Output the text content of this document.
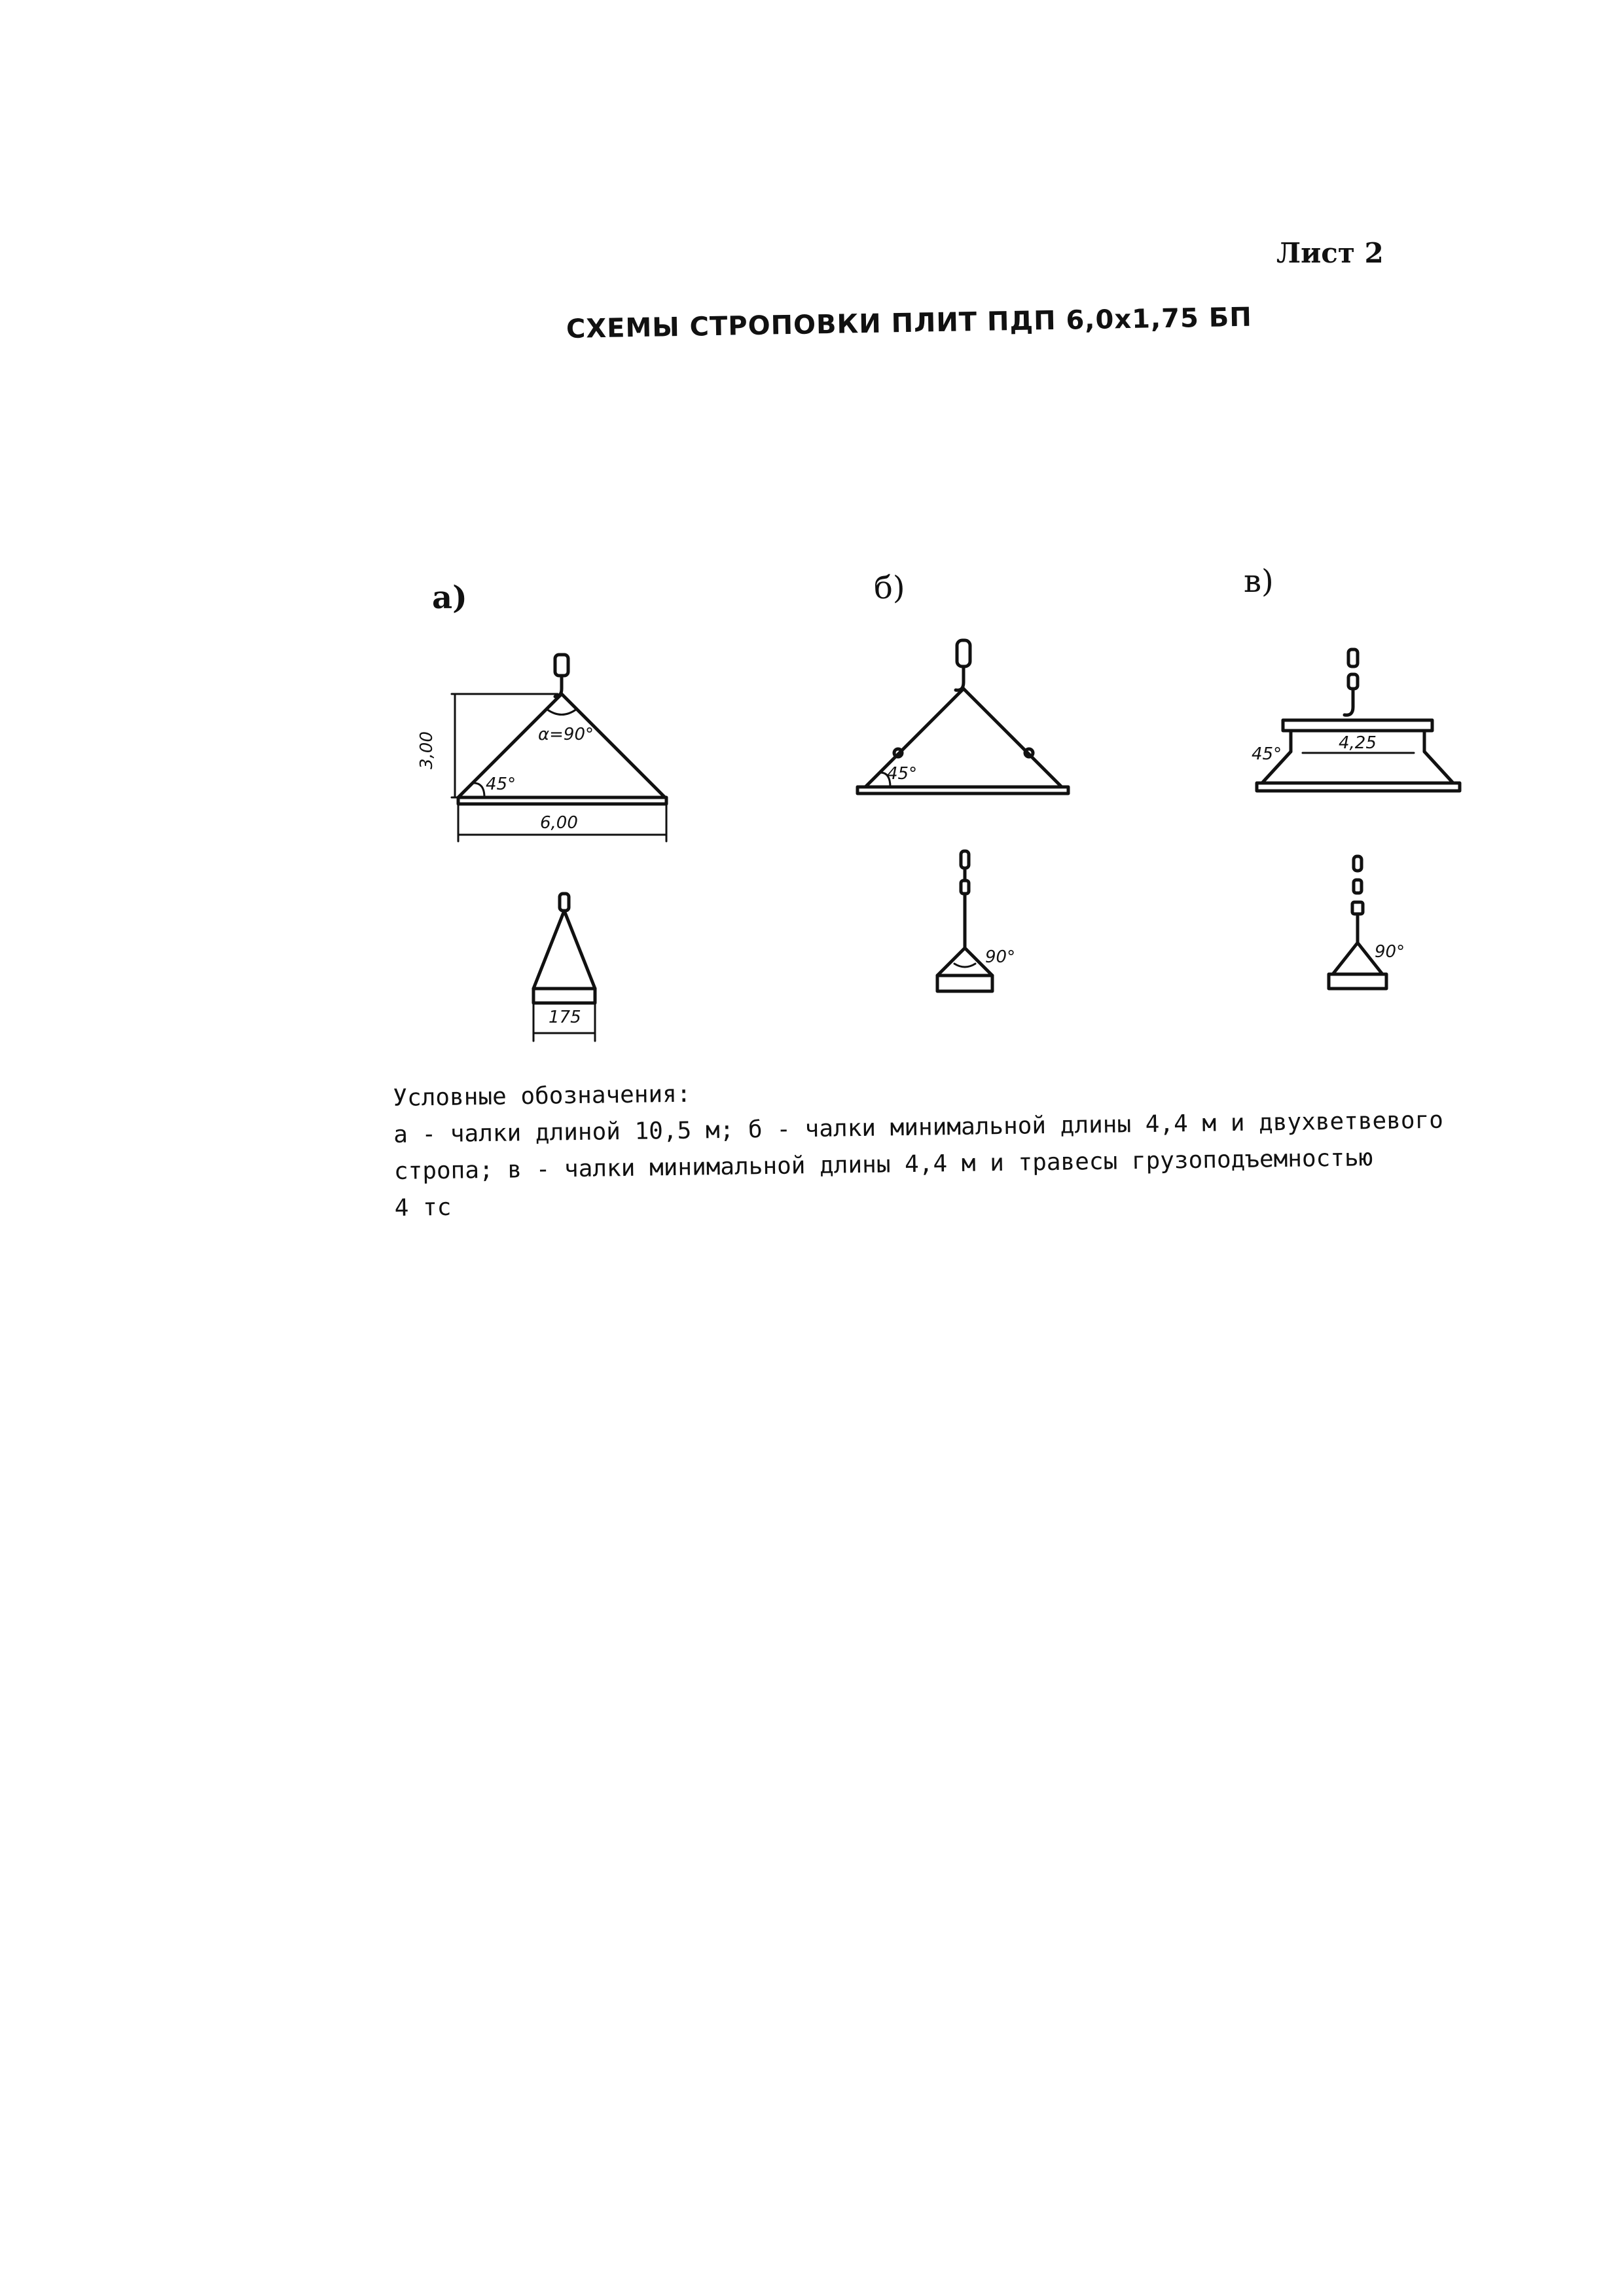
Лист 2
СХЕМЫ СТРОПОВКИ ПЛИТ ПДП 6,0x1,75 БП
а)	б)	в)
3,00
6,00
α=90°
45°
175
45°
90°
4,25
45°
90°
Условные обозначения:
а - чалки длиной 10,5 м; б - чалки минимальной длины 4,4 м и двухветвевого
стропа; в - чалки минимальной длины 4,4 м и травесы грузоподъемностью
4 тс
